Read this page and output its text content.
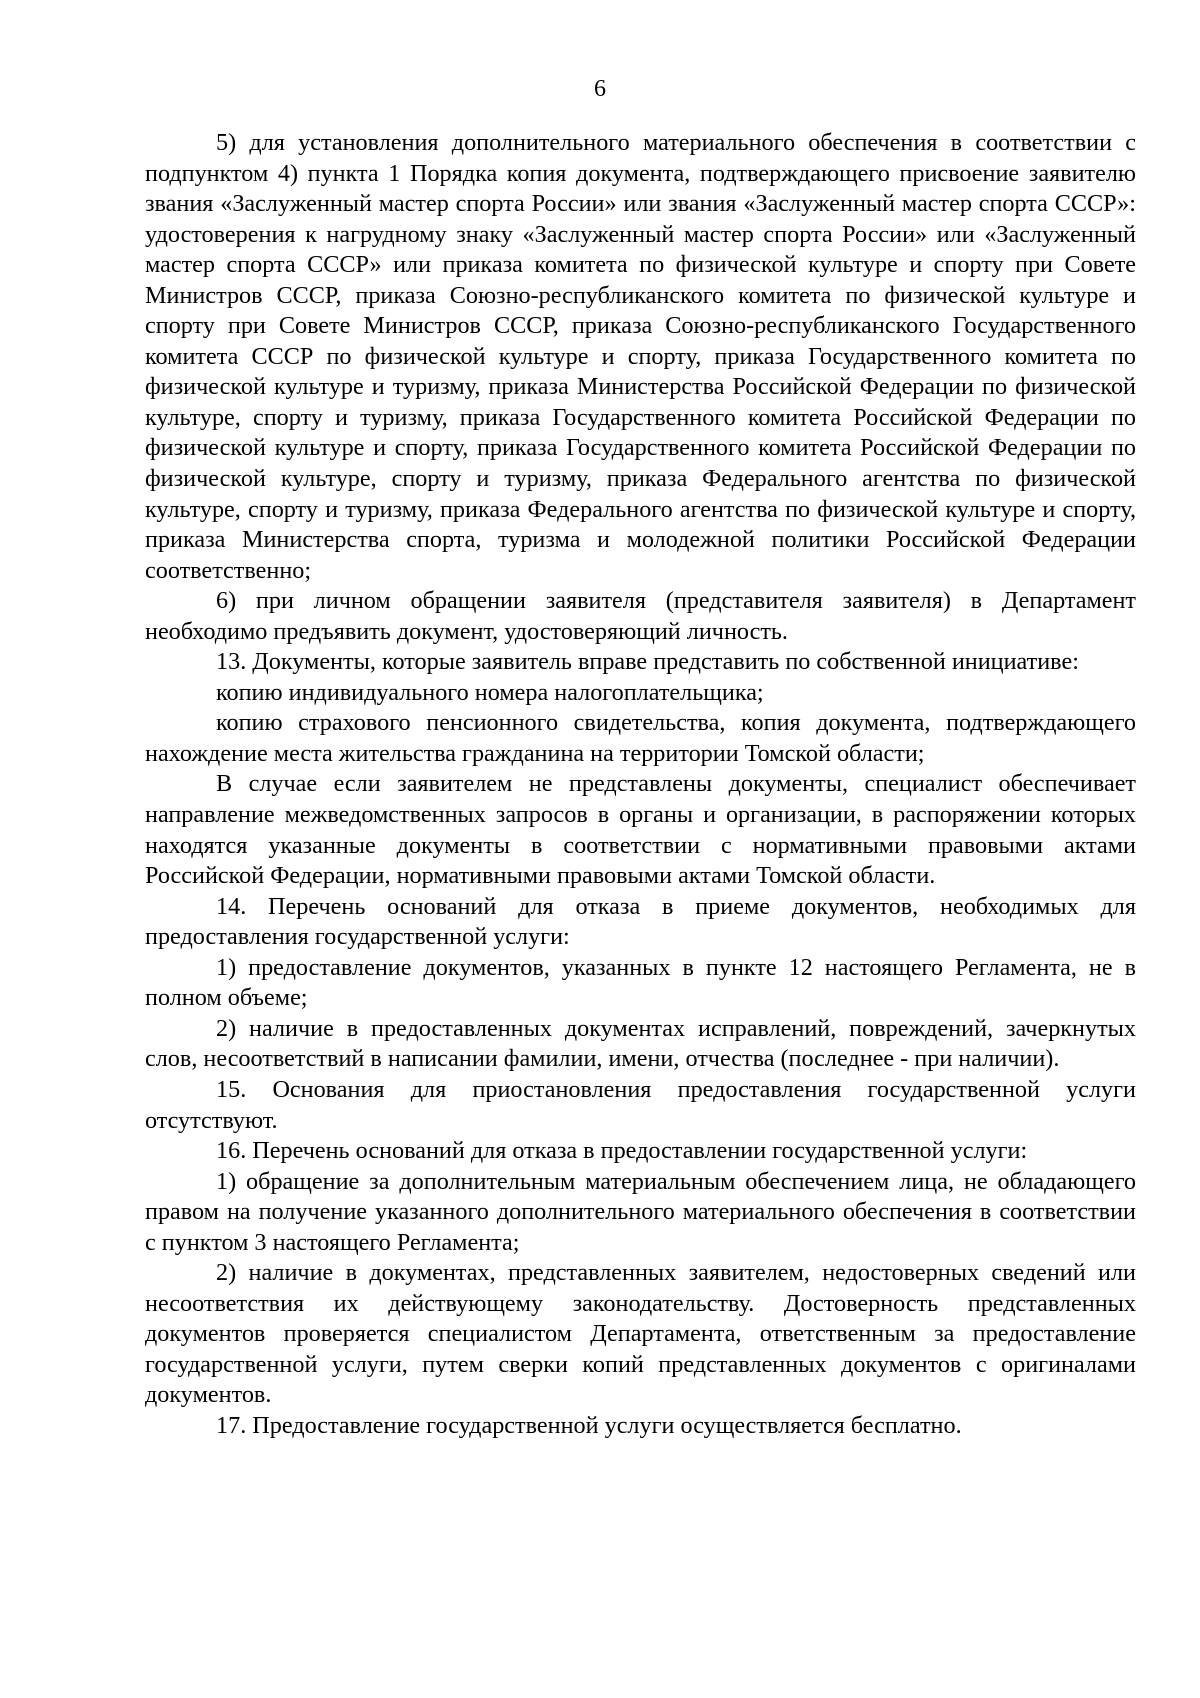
6

5) для установления дополнительного материального обеспечения в соответствии с подпунктом 4) пункта 1 Порядка копия документа, подтверждающего присвоение заявителю звания «Заслуженный мастер спорта России» или звания «Заслуженный мастер спорта СССР»: удостоверения к нагрудному знаку «Заслуженный мастер спорта России» или «Заслуженный мастер спорта СССР» или приказа комитета по физической культуре и спорту при Совете Министров СССР, приказа Союзно-республиканского комитета по физической культуре и спорту при Совете Министров СССР, приказа Союзно-республиканского Государственного комитета СССР по физической культуре и спорту, приказа Государственного комитета по физической культуре и туризму, приказа Министерства Российской Федерации по физической культуре, спорту и туризму, приказа Государственного комитета Российской Федерации по физической культуре и спорту, приказа Государственного комитета Российской Федерации по физической культуре, спорту и туризму, приказа Федерального агентства по физической культуре, спорту и туризму, приказа Федерального агентства по физической культуре и спорту, приказа Министерства спорта, туризма и молодежной политики Российской Федерации соответственно;

6) при личном обращении заявителя (представителя заявителя) в Департамент необходимо предъявить документ, удостоверяющий личность.

13. Документы, которые заявитель вправе представить по собственной инициативе:

копию индивидуального номера налогоплательщика;

копию страхового пенсионного свидетельства, копия документа, подтверждающего нахождение места жительства гражданина на территории Томской области;

В случае если заявителем не представлены документы, специалист обеспечивает направление межведомственных запросов в органы и организации, в распоряжении которых находятся указанные документы в соответствии с нормативными правовыми актами Российской Федерации, нормативными правовыми актами Томской области.

14. Перечень оснований для отказа в приеме документов, необходимых для предоставления государственной услуги:

1) предоставление документов, указанных в пункте 12 настоящего Регламента, не в полном объеме;

2) наличие в предоставленных документах исправлений, повреждений, зачеркнутых слов, несоответствий в написании фамилии, имени, отчества (последнее - при наличии).

15. Основания для приостановления предоставления государственной услуги отсутствуют.

16. Перечень оснований для отказа в предоставлении государственной услуги:

1) обращение за дополнительным материальным обеспечением лица, не обладающего правом на получение указанного дополнительного материального обеспечения в соответствии с пунктом 3 настоящего Регламента;

2) наличие в документах, представленных заявителем, недостоверных сведений или несоответствия их действующему законодательству. Достоверность представленных документов проверяется специалистом Департамента, ответственным за предоставление государственной услуги, путем сверки копий представленных документов с оригиналами документов.

17. Предоставление государственной услуги осуществляется бесплатно.
